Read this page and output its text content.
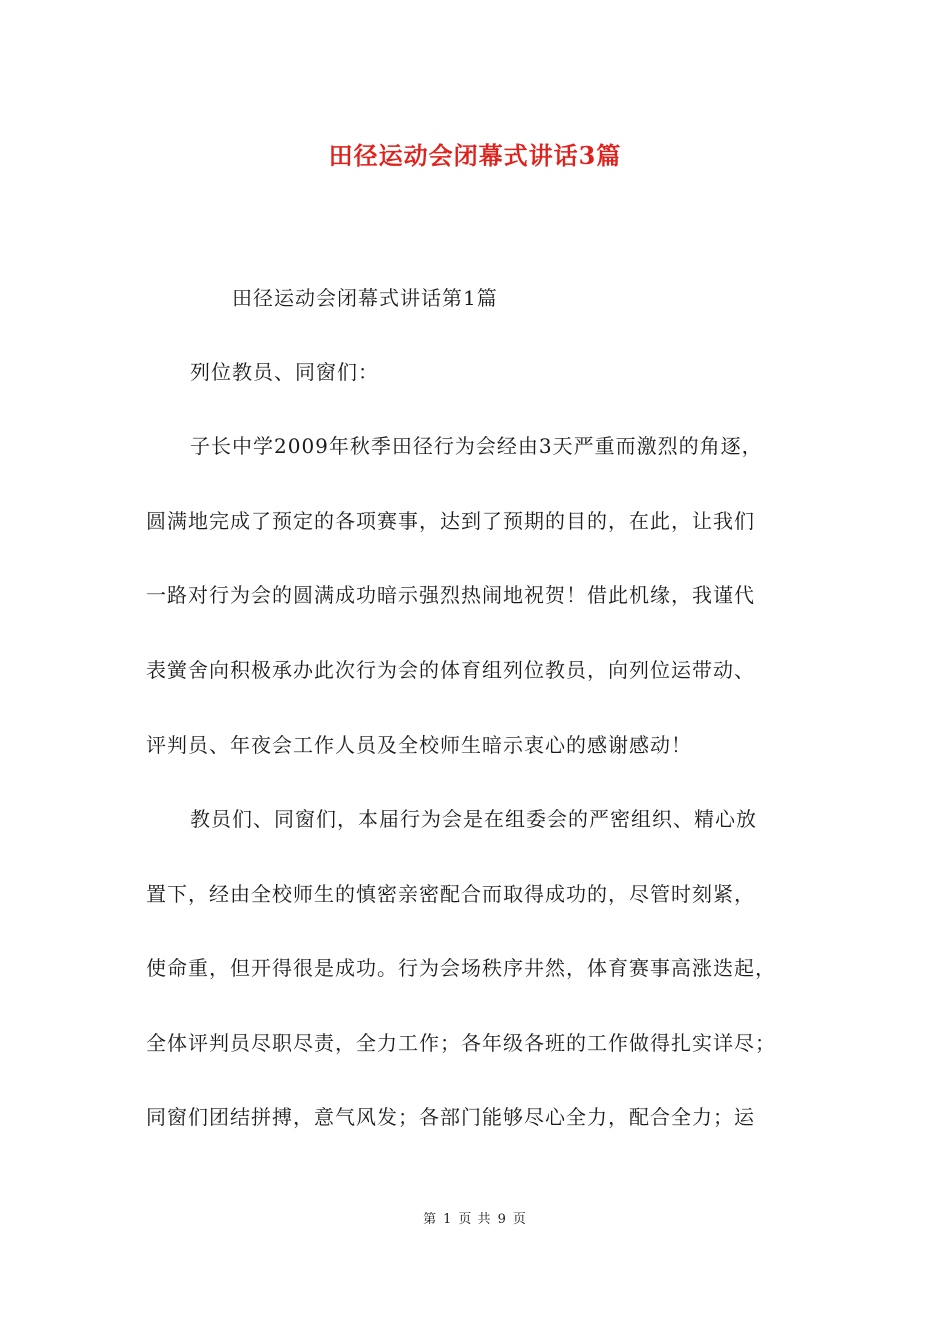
田径运动会闭幕式讲话3篇
田径运动会闭幕式讲话第1篇
列位教员、同窗们：
子长中学2009年秋季田径行为会经由3天严重而激烈的角逐，
圆满地完成了预定的各项赛事，达到了预期的目的，在此，让我们
一路对行为会的圆满成功暗示强烈热闹地祝贺！借此机缘，我谨代
表黉舍向积极承办此次行为会的体育组列位教员，向列位运带动、
评判员、年夜会工作人员及全校师生暗示衷心的感谢感动！
教员们、同窗们，本届行为会是在组委会的严密组织、精心放
置下，经由全校师生的慎密亲密配合而取得成功的，尽管时刻紧，
使命重，但开得很是成功。行为会场秩序井然，体育赛事高涨迭起，
全体评判员尽职尽责，全力工作；各年级各班的工作做得扎实详尽；
同窗们团结拼搏，意气风发；各部门能够尽心全力，配合全力；运
第 1 页 共 9 页
